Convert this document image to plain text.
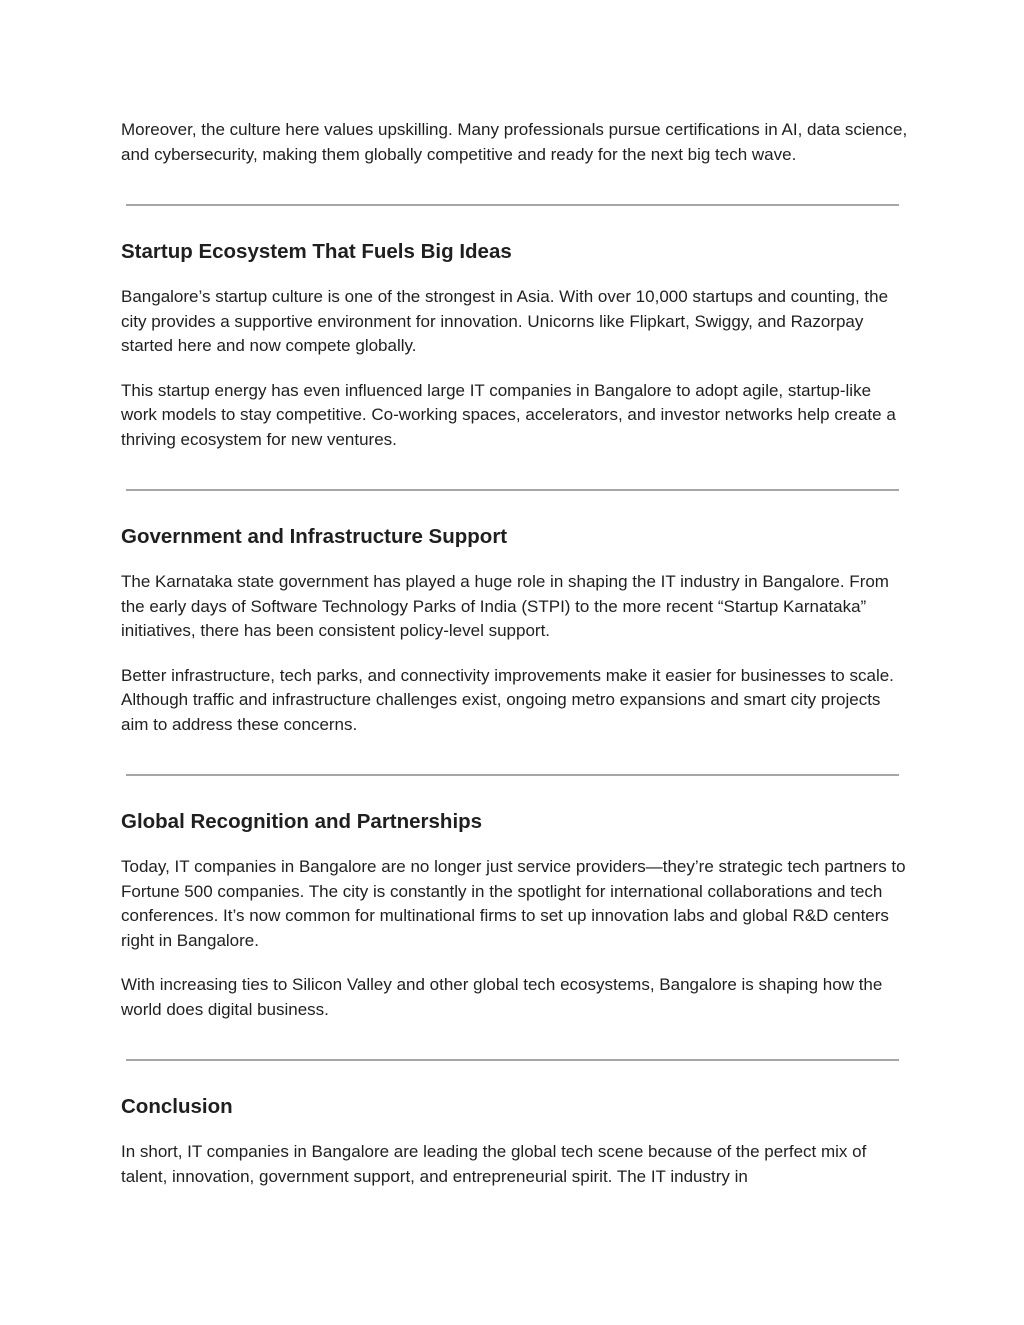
Moreover, the culture here values upskilling. Many professionals pursue certifications in AI, data science, and cybersecurity, making them globally competitive and ready for the next big tech wave.

Startup Ecosystem That Fuels Big Ideas

Bangalore’s startup culture is one of the strongest in Asia. With over 10,000 startups and counting, the city provides a supportive environment for innovation. Unicorns like Flipkart, Swiggy, and Razorpay started here and now compete globally.

This startup energy has even influenced large IT companies in Bangalore to adopt agile, startup-like work models to stay competitive. Co-working spaces, accelerators, and investor networks help create a thriving ecosystem for new ventures.

Government and Infrastructure Support

The Karnataka state government has played a huge role in shaping the IT industry in Bangalore. From the early days of Software Technology Parks of India (STPI) to the more recent “Startup Karnataka” initiatives, there has been consistent policy-level support.

Better infrastructure, tech parks, and connectivity improvements make it easier for businesses to scale. Although traffic and infrastructure challenges exist, ongoing metro expansions and smart city projects aim to address these concerns.

Global Recognition and Partnerships

Today, IT companies in Bangalore are no longer just service providers—they’re strategic tech partners to Fortune 500 companies. The city is constantly in the spotlight for international collaborations and tech conferences. It’s now common for multinational firms to set up innovation labs and global R&D centers right in Bangalore.

With increasing ties to Silicon Valley and other global tech ecosystems, Bangalore is shaping how the world does digital business.

Conclusion

In short, IT companies in Bangalore are leading the global tech scene because of the perfect mix of talent, innovation, government support, and entrepreneurial spirit. The IT industry in
